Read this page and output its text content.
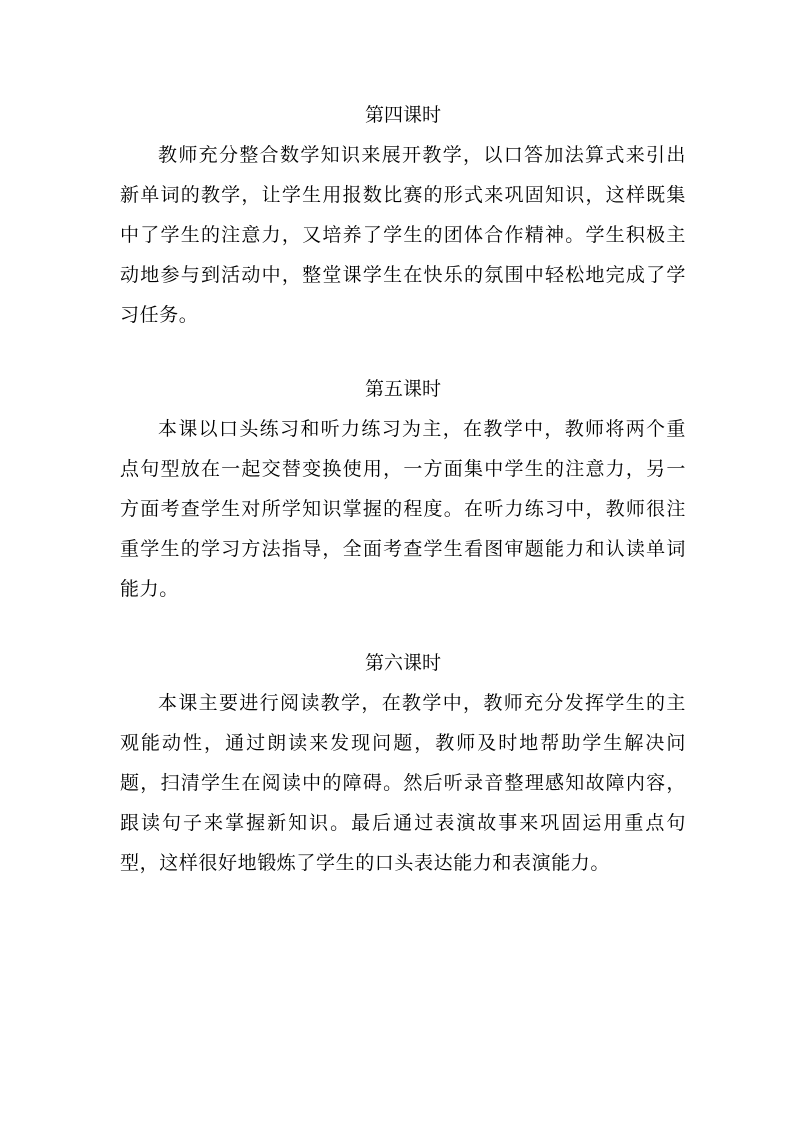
第四课时

教师充分整合数学知识来展开教学，以口答加法算式来引出新单词的教学，让学生用报数比赛的形式来巩固知识，这样既集中了学生的注意力，又培养了学生的团体合作精神。学生积极主动地参与到活动中，整堂课学生在快乐的氛围中轻松地完成了学习任务。

第五课时

本课以口头练习和听力练习为主，在教学中，教师将两个重点句型放在一起交替变换使用，一方面集中学生的注意力，另一方面考查学生对所学知识掌握的程度。在听力练习中，教师很注重学生的学习方法指导，全面考查学生看图审题能力和认读单词能力。

第六课时

本课主要进行阅读教学，在教学中，教师充分发挥学生的主观能动性，通过朗读来发现问题，教师及时地帮助学生解决问题，扫清学生在阅读中的障碍。然后听录音整理感知故障内容，跟读句子来掌握新知识。最后通过表演故事来巩固运用重点句型，这样很好地锻炼了学生的口头表达能力和表演能力。
